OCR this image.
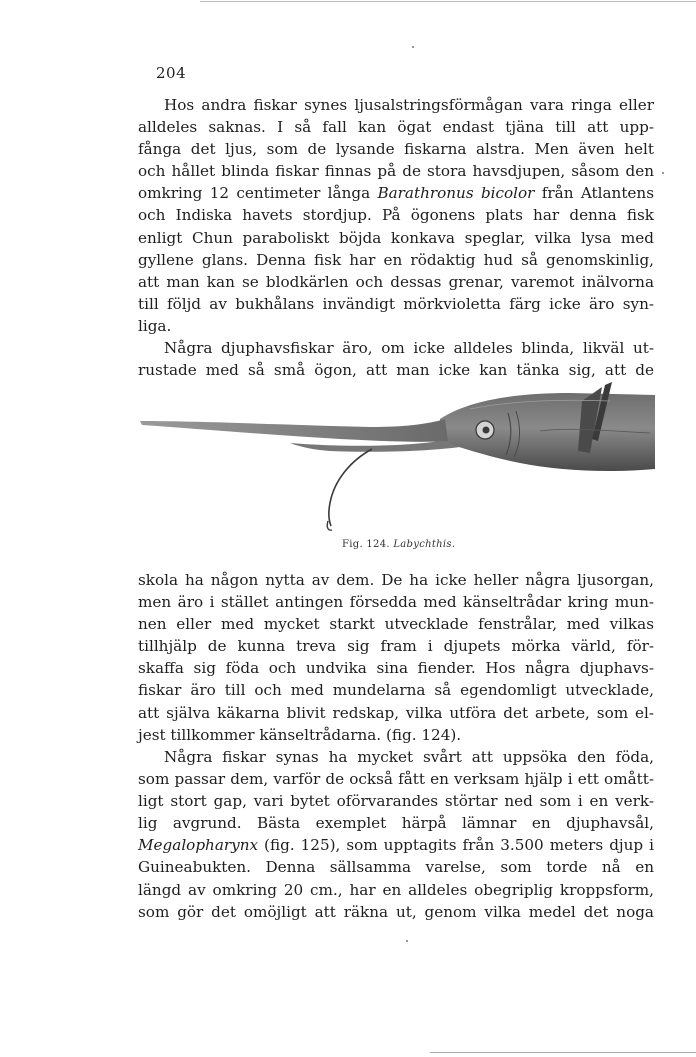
204

Hos andra fiskar synes ljusalstringsförmågan vara ringa eller
alldeles saknas. I så fall kan ögat endast tjäna till att upp-
fånga det ljus, som de lysande fiskarna alstra. Men även helt
och hållet blinda fiskar finnas på de stora havsdjupen, såsom den
omkring 12 centimeter långa Barathronus bicolor från Atlantens
och Indiska havets stordjup. På ögonens plats har denna fisk
enligt Chun paraboliskt böjda konkava speglar, vilka lysa med
gyllene glans. Denna fisk har en rödaktig hud så genomskinlig,
att man kan se blodkärlen och dessas grenar, varemot inälvorna
till följd av bukhålans invändigt mörkvioletta färg icke äro syn-
liga.

Några djuphavsfiskar äro, om icke alldeles blinda, likväl ut-
rustade med så små ögon, att man icke kan tänka sig, att de

Fig. 124. Labychthis.

skola ha någon nytta av dem. De ha icke heller några ljusorgan,
men äro i stället antingen försedda med känseltrådar kring mun-
nen eller med mycket starkt utvecklade fenstrålar, med vilkas
tillhjälp de kunna treva sig fram i djupets mörka värld, för-
skaffa sig föda och undvika sina fiender. Hos några djuphavs-
fiskar äro till och med mundelarna så egendomligt utvecklade,
att själva käkarna blivit redskap, vilka utföra det arbete, som el-
jest tillkommer känseltrådarna. (fig. 124).

Några fiskar synas ha mycket svårt att uppsöka den föda,
som passar dem, varför de också fått en verksam hjälp i ett omått-
ligt stort gap, vari bytet oförvarandes störtar ned som i en verk-
lig avgrund. Bästa exemplet härpå lämnar en djuphavsål,
Megalopharynx (fig. 125), som upptagits från 3.500 meters djup i
Guineabukten. Denna sällsamma varelse, som torde nå en
längd av omkring 20 cm., har en alldeles obegriplig kroppsform,
som gör det omöjligt att räkna ut, genom vilka medel det noga
